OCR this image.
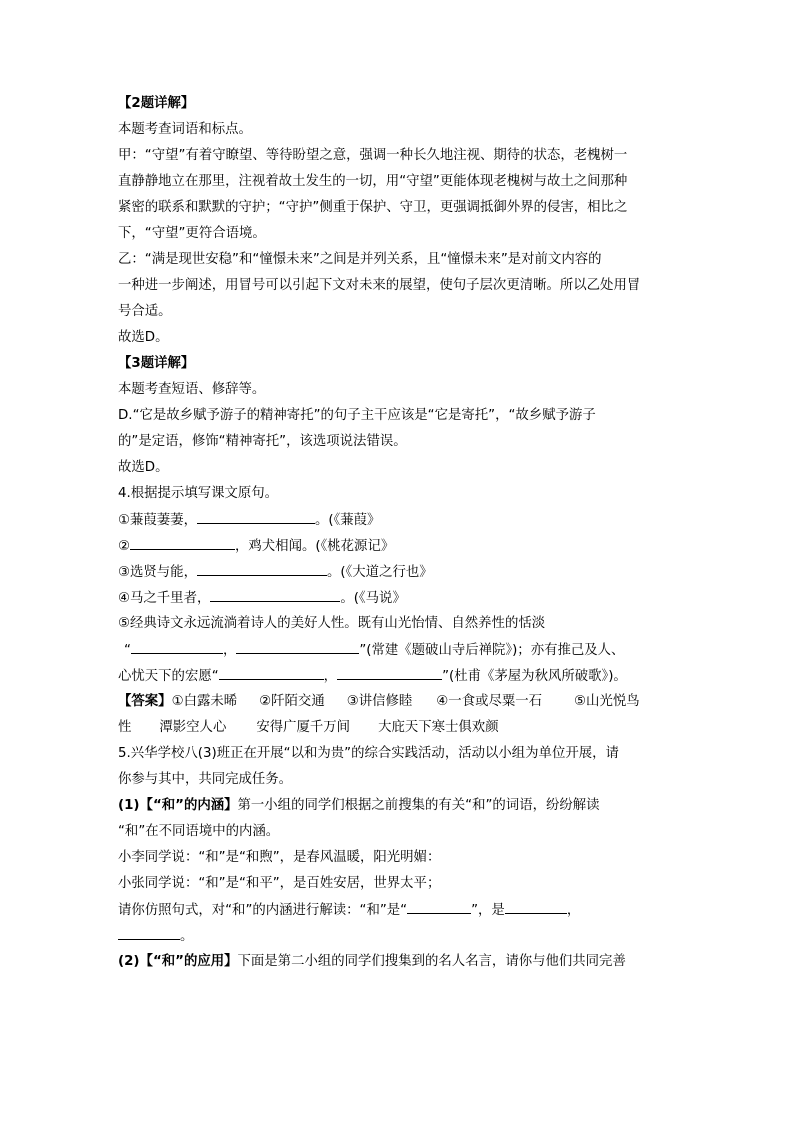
【2题详解】
本题考查词语和标点。
甲：“守望”有着守瞭望、等待盼望之意，强调一种长久地注视、期待的状态，老槐树一
直静静地立在那里，注视着故土发生的一切，用“守望”更能体现老槐树与故土之间那种
紧密的联系和默默的守护；“守护”侧重于保护、守卫，更强调抵御外界的侵害，相比之
下，“守望”更符合语境。
乙：“满是现世安稳”和“憧憬未来”之间是并列关系，且“憧憬未来”是对前文内容的
一种进一步阐述，用冒号可以引起下文对未来的展望，使句子层次更清晰。所以乙处用冒
号合适。
故选D。
【3题详解】
本题考查短语、修辞等。
D.“它是故乡赋予游子的精神寄托”的句子主干应该是“它是寄托”，“故乡赋予游子
的”是定语，修饰“精神寄托”，该选项说法错误。
故选D。
4.根据提示填写课文原句。
①蒹葭萋萋，	。(《蒹葭》
②	，鸡犬相闻。(《桃花源记》
③选贤与能，	。(《大道之行也》
④马之千里者，	。(《马说》
⑤经典诗文永远流淌着诗人的美好人性。既有山光怡情、自然养性的恬淡
“	，	”(常建《题破山寺后禅院》)；亦有推己及人、
心忧天下的宏愿“	，	”(杜甫《茅屋为秋风所破歌》)。
【答案】①白露未晞 ②阡陌交通 ③讲信修睦 ④一食或尽粟一石 ⑤山光悦鸟
性 潭影空人心 安得广厦千万间 大庇天下寒士俱欢颜
5.兴华学校八(3)班正在开展“以和为贵”的综合实践活动，活动以小组为单位开展，请
你参与其中，共同完成任务。
(1)【“和”的内涵】第一小组的同学们根据之前搜集的有关“和”的词语，纷纷解读
“和”在不同语境中的内涵。
小李同学说：“和”是“和煦”，是春风温暖，阳光明媚：
小张同学说：“和”是“和平”，是百姓安居，世界太平；
请你仿照句式，对“和”的内涵进行解读：“和”是“	”，是	，
。
(2)【“和”的应用】下面是第二小组的同学们搜集到的名人名言，请你与他们共同完善
